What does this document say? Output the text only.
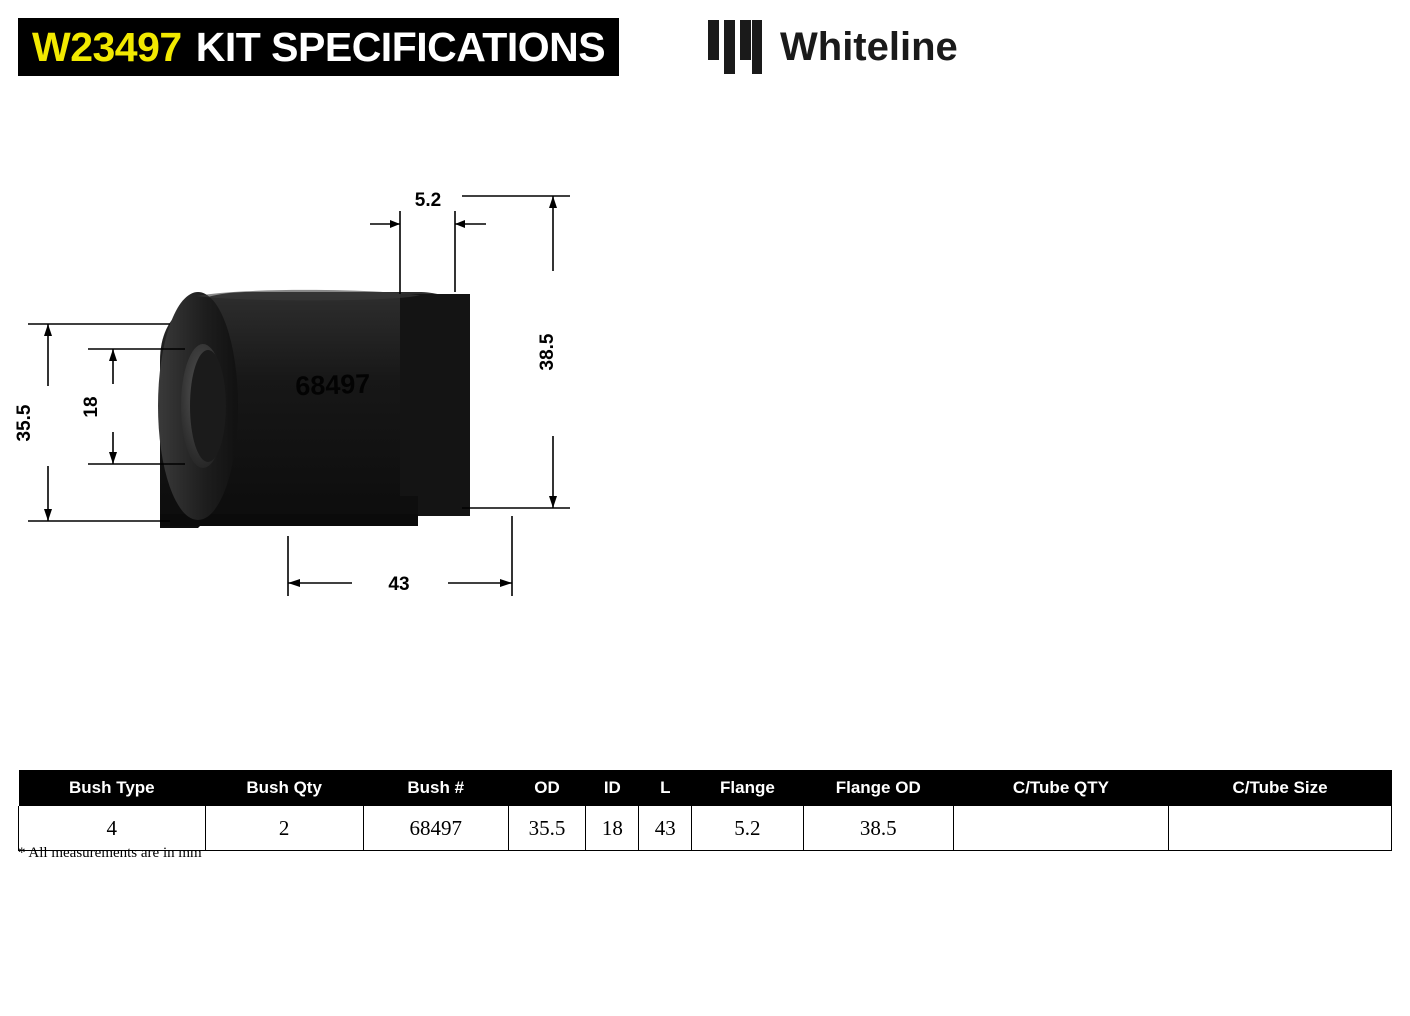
W23497 KIT SPECIFICATIONS	Whiteline
68497
5.2
38.5
35.5 18
43
Bush Type	Bush Qty	Bush #	OD	ID	L	Flange	Flange OD	C/Tube QTY	C/Tube Size
4	2	68497	35.5	18	43	5.2	38.5		
* All measurements are in mm
